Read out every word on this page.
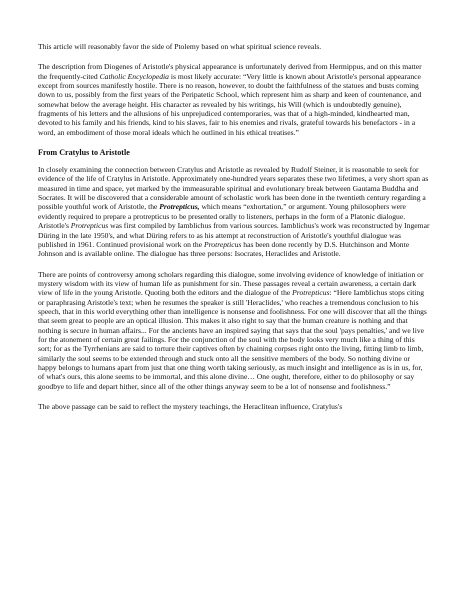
This article will reasonably favor the side of Ptolemy based on what spiritual science reveals.

The description from Diogenes of Aristotle's physical appearance is unfortunately derived from Hermippus, and on this matter the frequently-cited Catholic Encyclopedia is most likely accurate: “Very little is known about Aristotle's personal appearance except from sources manifestly hostile. There is no reason, however, to doubt the faithfulness of the statues and busts coming down to us, possibly from the first years of the Peripatetic School, which represent him as sharp and keen of countenance, and somewhat below the average height. His character as revealed by his writings, his Will (which is undoubtedly genuine), fragments of his letters and the allusions of his unprejudiced contemporaries, was that of a high-minded, kindhearted man, devoted to his family and his friends, kind to his slaves, fair to his enemies and rivals, grateful towards his benefactors - in a word, an embodiment of those moral ideals which he outlined in his ethical treatises.”

From Cratylus to Aristotle

In closely examining the connection between Cratylus and Aristotle as revealed by Rudolf Steiner, it is reasonable to seek for evidence of the life of Cratylus in Aristotle. Approximately one-hundred years separates these two lifetimes, a very short span as measured in time and space, yet marked by the immeasurable spiritual and evolutionary break between Gautama Buddha and Socrates. It will be discovered that a considerable amount of scholastic work has been done in the twentieth century regarding a possible youthful work of Aristotle, the Protrepticus, which means “exhortation,” or argument. Young philosophers were evidently required to prepare a protrepticus to be presented orally to listeners, perhaps in the form of a Platonic dialogue. Aristotle's Protrepticus was first compiled by Iamblichus from various sources. Iamblichus's work was reconstructed by Ingemar Düring in the late 1950's, and what Düring refers to as his attempt at reconstruction of Aristotle's youthful dialogue was published in 1961. Continued provisional work on the Protrepticus has been done recently by D.S. Hutchinson and Monte Johnson and is available online. The dialogue has three persons: Isocrates, Heraclides and Aristotle.

There are points of controversy among scholars regarding this dialogue, some involving evidence of knowledge of initiation or mystery wisdom with its view of human life as punishment for sin. These passages reveal a certain awareness, a certain dark view of life in the young Aristotle. Quoting both the editors and the dialogue of the Protrepticus: “Here Iamblichus stops citing or paraphrasing Aristotle's text; when he resumes the speaker is still 'Heraclides,' who reaches a tremendous conclusion to his speech, that in this world everything other than intelligence is nonsense and foolishness. For one will discover that all the things that seem great to people are an optical illusion. This makes it also right to say that the human creature is nothing and that nothing is secure in human affairs... For the ancients have an inspired saying that says that the soul 'pays penalties,' and we live for the atonement of certain great failings. For the conjunction of the soul with the body looks very much like a thing of this sort; for as the Tyrrhenians are said to torture their captives often by chaining corpses right onto the living, fitting limb to limb, similarly the soul seems to be extended through and stuck onto all the sensitive members of the body. So nothing divine or happy belongs to humans apart from just that one thing worth taking seriously, as much insight and intelligence as is in us, for, of what's ours, this alone seems to be immortal, and this alone divine… One ought, therefore, either to do philosophy or say goodbye to life and depart hither, since all of the other things anyway seem to be a lot of nonsense and foolishness.”

The above passage can be said to reflect the mystery teachings, the Heraclitean influence, Cratylus's
